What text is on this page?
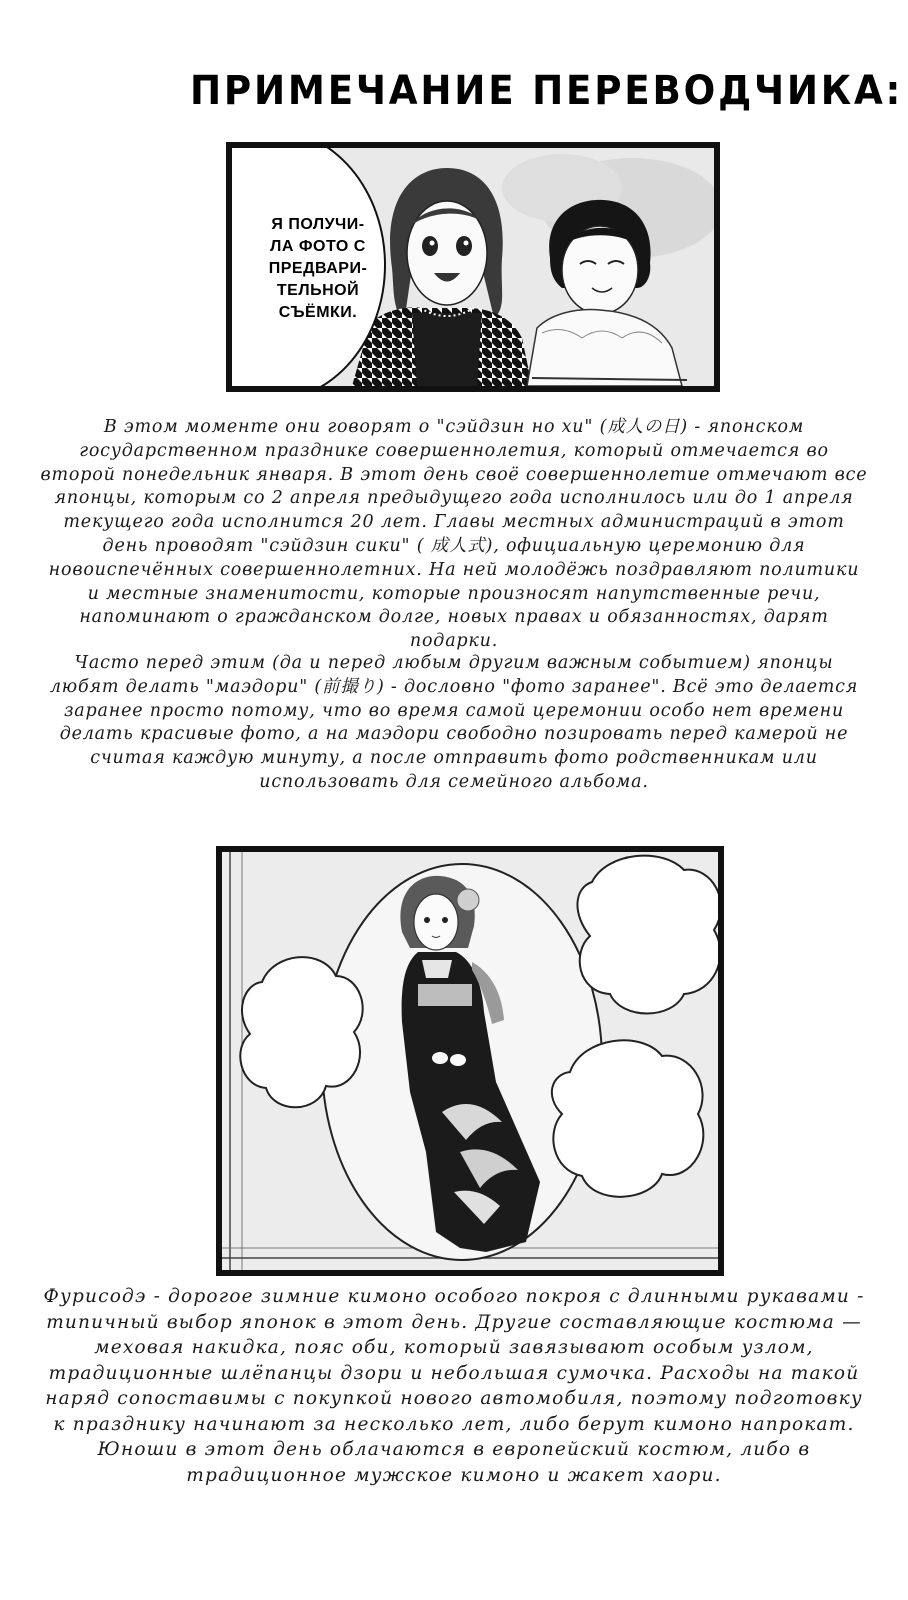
ПРИМЕЧАНИЕ ПЕРЕВОДЧИКА:
Я ПОЛУЧИ-ЛА ФОТО С ПРЕДВАРИ-ТЕЛЬНОЙ СЪЁМКИ.
В этом моменте они говорят о "сэйдзин но хи" (成人の日) - японском государственном празднике совершеннолетия, который отмечается во второй понедельник января. В этот день своё совершеннолетие отмечают все японцы, которым со 2 апреля предыдущего года исполнилось или до 1 апреля текущего года исполнится 20 лет. Главы местных администраций в этот день проводят "сэйдзин сики" ( 成人式), официальную церемонию для новоиспечённых совершеннолетних. На ней молодёжь поздравляют политики и местные знаменитости, которые произносят напутственные речи, напоминают о гражданском долге, новых правах и обязанностях, дарят подарки.
Часто перед этим (да и перед любым другим важным событием) японцы любят делать "маэдори" (前撮り) - дословно "фото заранее". Всё это делается заранее просто потому, что во время самой церемонии особо нет времени делать красивые фото, а на маэдори свободно позировать перед камерой не считая каждую минуту, а после отправить фото родственникам или использовать для семейного альбома.
Фурисодэ - дорогое зимние кимоно особого покроя с длинными рукавами - типичный выбор японок в этот день. Другие составляющие костюма — меховая накидка, пояс оби, который завязывают особым узлом, традиционные шлёпанцы дзори и небольшая сумочка. Расходы на такой наряд сопоставимы с покупкой нового автомобиля, поэтому подготовку к празднику начинают за несколько лет, либо берут кимоно напрокат. Юноши в этот день облачаются в европейский костюм, либо в традиционное мужское кимоно и жакет хаори.
